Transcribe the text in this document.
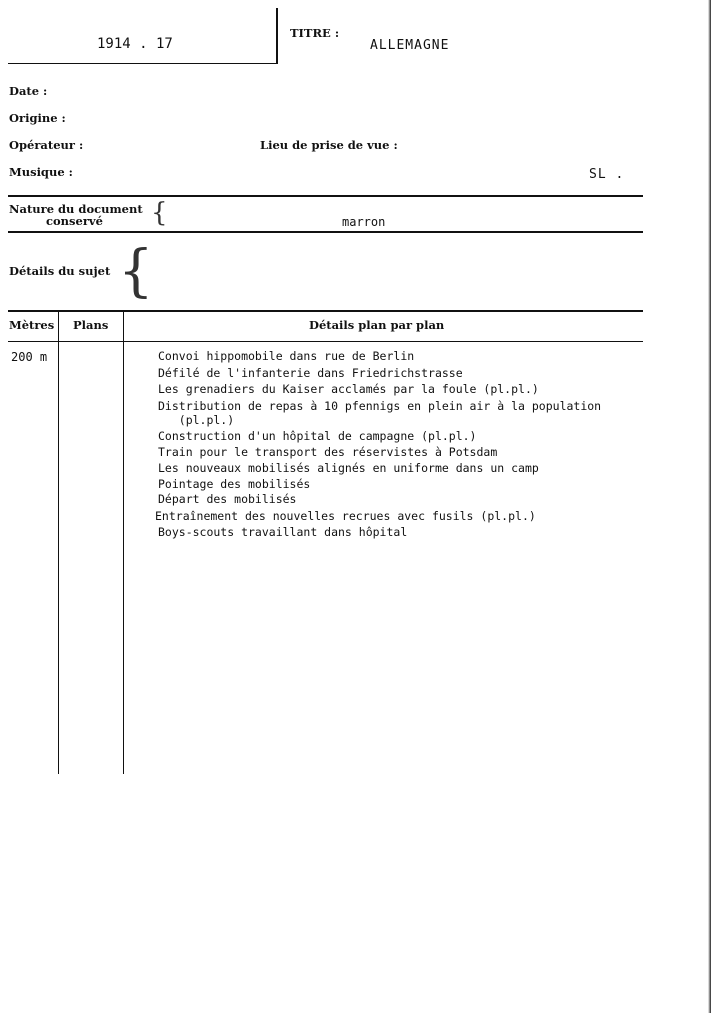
1914 . 17
TITRE :
ALLEMAGNE
Date :
Origine :
Opérateur :	Lieu de prise de vue :
Musique :	SL .
Nature du document
conservé {	marron
Détails du sujet {
Mètres Plans	Détails plan par plan
200 m	Convoi hippomobile dans rue de Berlin
Défilé de l'infanterie dans Friedrichstrasse
Les grenadiers du Kaiser acclamés par la foule (pl.pl.)
Distribution de repas à 10 pfennigs en plein air à la population
(pl.pl.)
Construction d'un hôpital de campagne (pl.pl.)
Train pour le transport des réservistes à Potsdam
Les nouveaux mobilisés alignés en uniforme dans un camp
Pointage des mobilisés
Départ des mobilisés
Entraînement des nouvelles recrues avec fusils (pl.pl.)
Boys-scouts travaillant dans hôpital
